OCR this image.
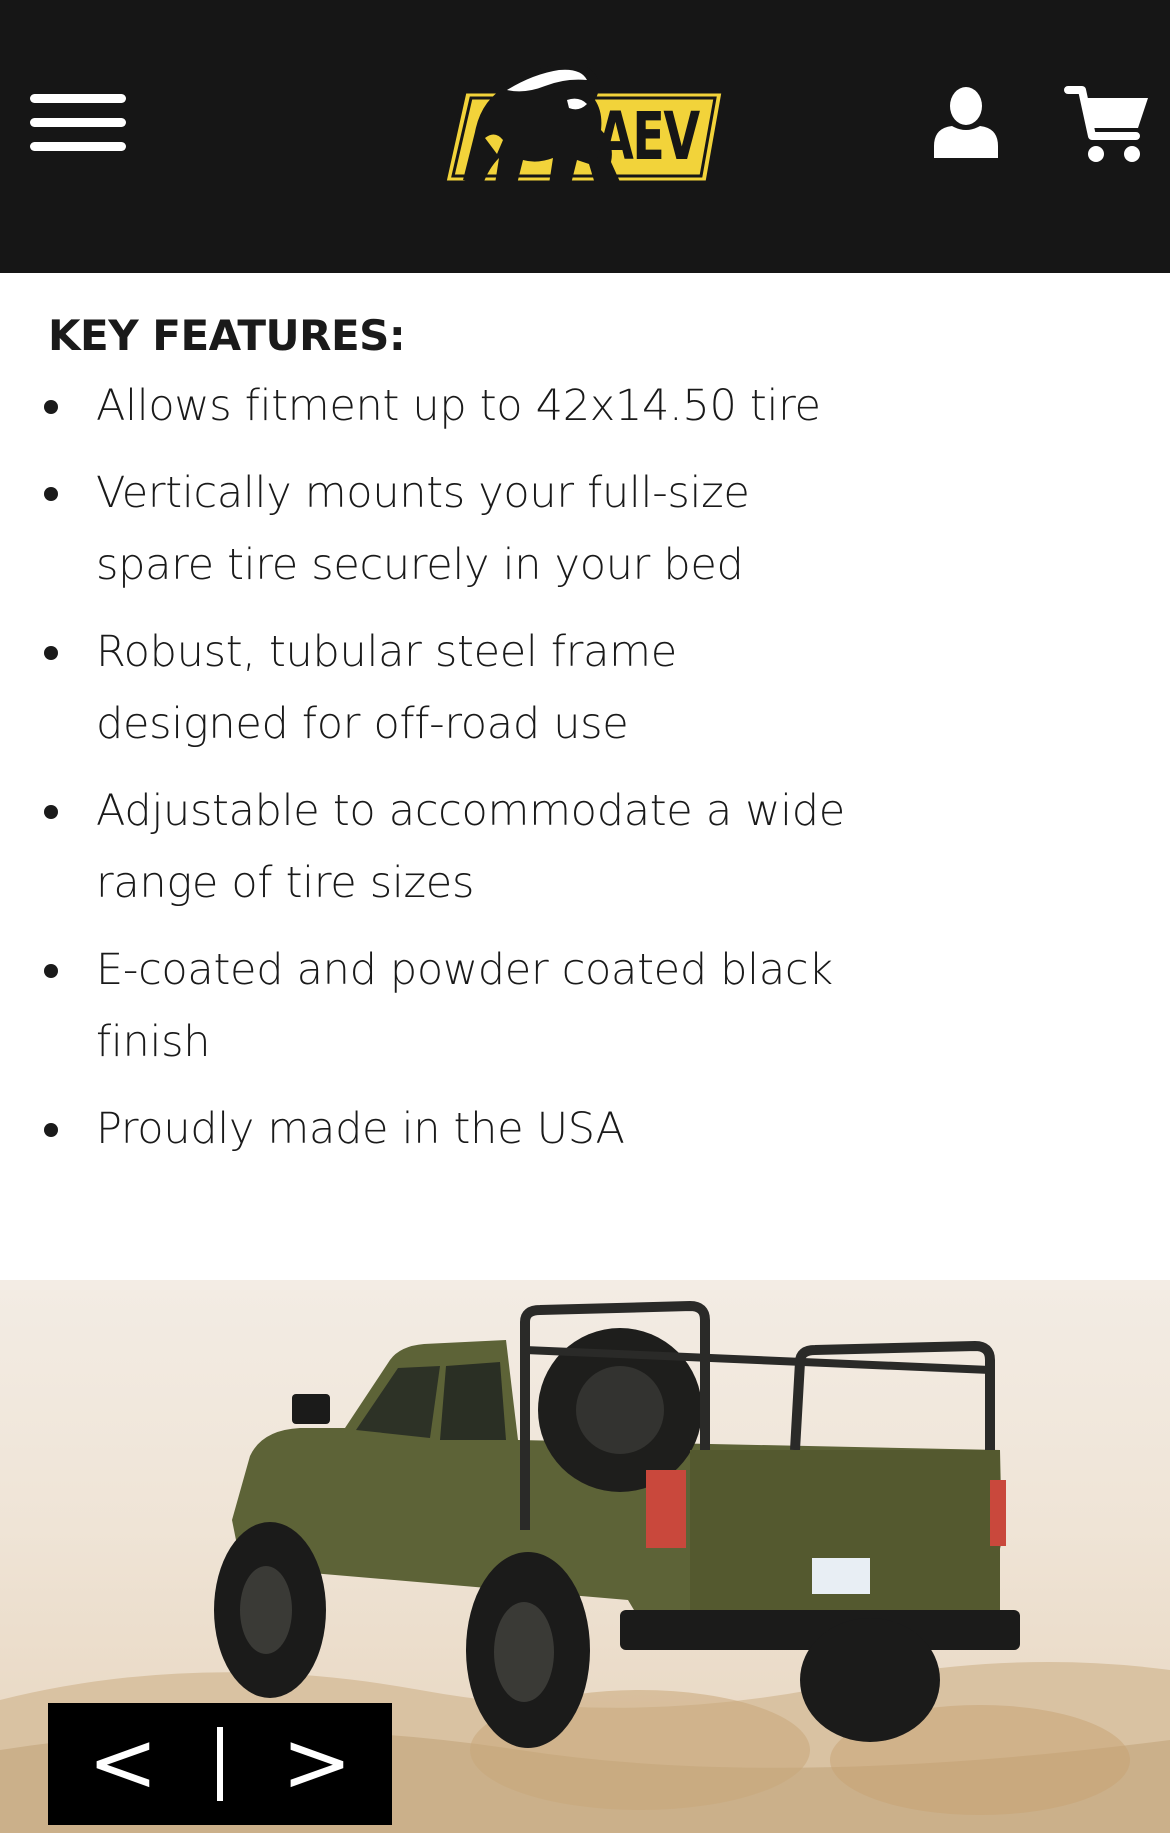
AEV
KEY FEATURES:
Allows fitment up to 42x14.50 tire
Vertically mounts your full-size spare tire securely in your bed
Robust, tubular steel frame designed for off-road use
Adjustable to accommodate a wide range of tire sizes
E-coated and powder coated black finish
Proudly made in the USA
<	>
